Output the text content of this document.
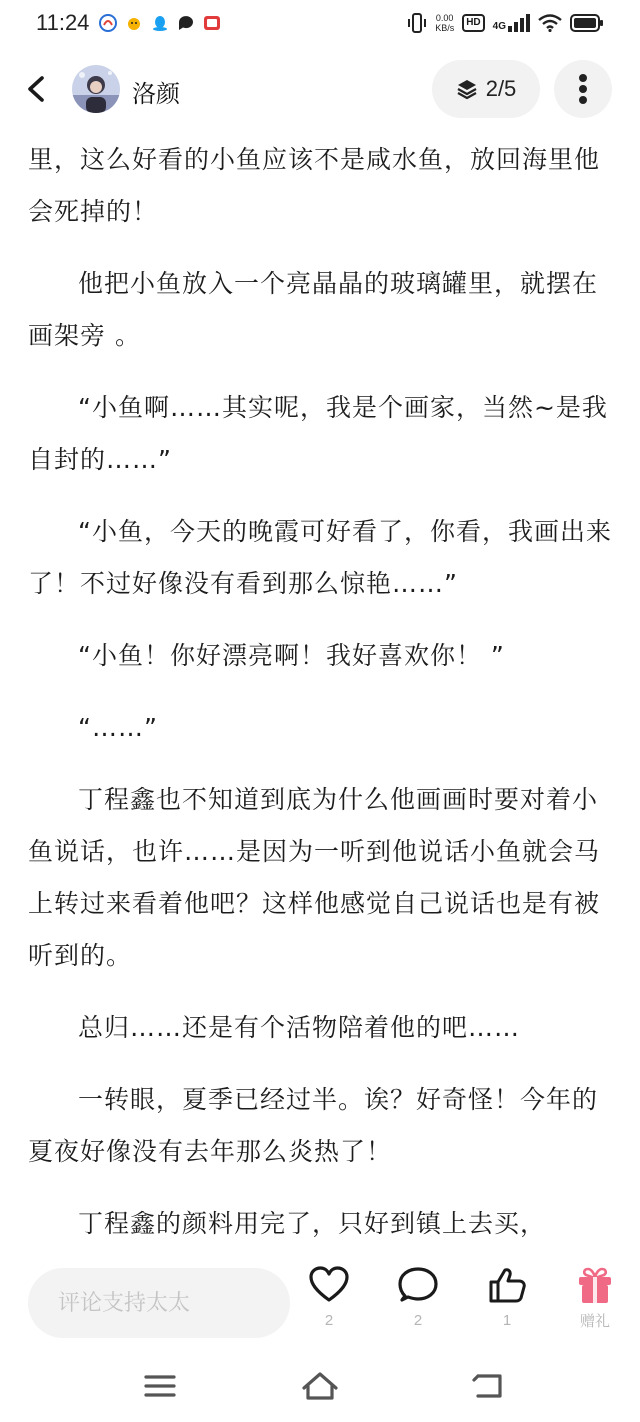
11:24	0.00
KB/s	HD	4G
洛颜	2/5

里，这么好看的小鱼应该不是咸水鱼，放回海里他会死掉的！

他把小鱼放入一个亮晶晶的玻璃罐里，就摆在画架旁 。

“小鱼啊……其实呢，我是个画家，当然~是我自封的……”

“小鱼，今天的晚霞可好看了，你看，我画出来了！不过好像没有看到那么惊艳……”

“小鱼！你好漂亮啊！我好喜欢你！ ”

“……”

丁程鑫也不知道到底为什么他画画时要对着小鱼说话，也许……是因为一听到他说话小鱼就会马上转过来看着他吧？这样他感觉自己说话也是有被听到的。

总归……还是有个活物陪着他的吧……

一转眼，夏季已经过半。诶？好奇怪！今年的夏夜好像没有去年那么炎热了！

丁程鑫的颜料用完了，只好到镇上去买，

评论支持太太
2	2	1	赠礼
